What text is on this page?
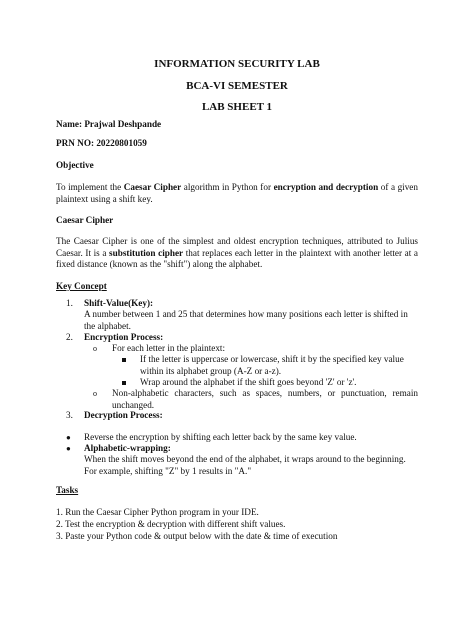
INFORMATION SECURITY LAB

BCA-VI SEMESTER

LAB SHEET 1

Name: Prajwal Deshpande

PRN NO: 20220801059

Objective

To implement the Caesar Cipher algorithm in Python for encryption and decryption of a given plaintext using a shift key.

Caesar Cipher

The Caesar Cipher is one of the simplest and oldest encryption techniques, attributed to Julius Caesar. It is a substitution cipher that replaces each letter in the plaintext with another letter at a fixed distance (known as the "shift") along the alphabet.

Key Concept

1. Shift-Value(Key):

A number between 1 and 25 that determines how many positions each letter is shifted in the alphabet.

2. Encryption Process:

o For each letter in the plaintext:

If the letter is uppercase or lowercase, shift it by the specified key value within its alphabet group (A-Z or a-z).

Wrap around the alphabet if the shift goes beyond 'Z' or 'z'.

o Non-alphabetic characters, such as spaces, numbers, or punctuation, remain unchanged.

3. Decryption Process:

● Reverse the encryption by shifting each letter back by the same key value.

● Alphabetic-wrapping:

When the shift moves beyond the end of the alphabet, it wraps around to the beginning. For example, shifting "Z" by 1 results in "A."

Tasks

1. Run the Caesar Cipher Python program in your IDE.

2. Test the encryption & decryption with different shift values.

3. Paste your Python code & output below with the date & time of execution
